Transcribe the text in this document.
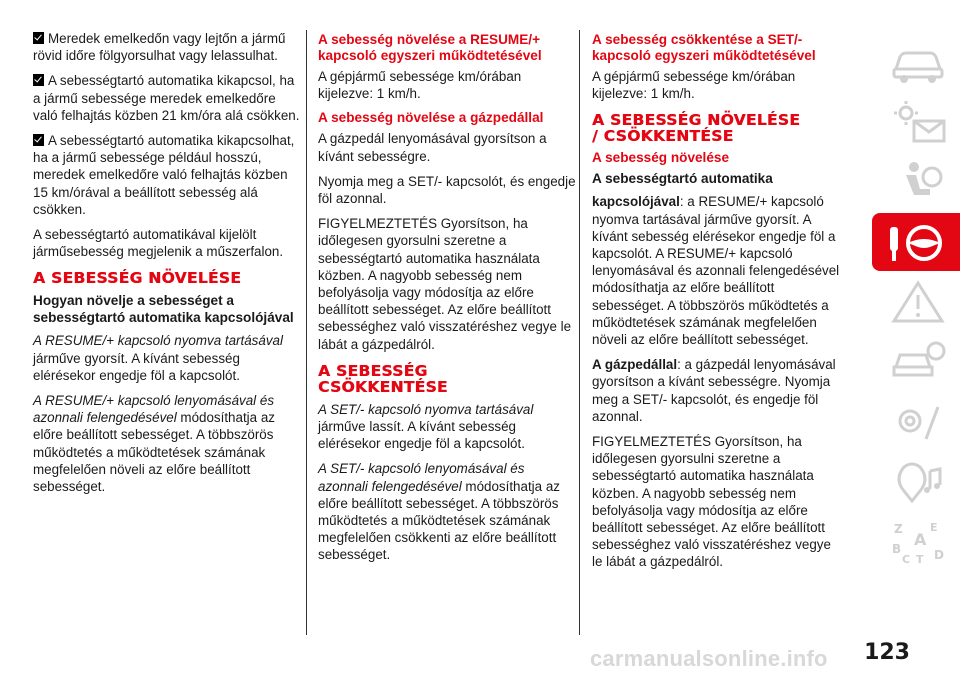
Meredek emelkedőn vagy lejtőn a jármű rövid időre fölgyorsulhat vagy lelassulhat.

A sebességtartó automatika kikapcsol, ha a jármű sebessége meredek emelkedőre való felhajtás közben 21 km/óra alá csökken.

A sebességtartó automatika kikapcsolhat, ha a jármű sebessége például hosszú, meredek emelkedőre való felhajtás közben 15 km/órával a beállított sebesség alá csökken.

A sebességtartó automatikával kijelölt járműsebesség megjelenik a műszerfalon.

A SEBESSÉG NÖVELÉSE
Hogyan növelje a sebességet a sebességtartó automatika kapcsolójával

A RESUME/+ kapcsoló nyomva tartásával járműve gyorsít. A kívánt sebesség elérésekor engedje föl a kapcsolót.

A RESUME/+ kapcsoló lenyomásával és azonnali felengedésével módosíthatja az előre beállított sebességet. A többszörös működtetés a működtetések számának megfelelően növeli az előre beállított sebességet.

A sebesség növelése a RESUME/+ kapcsoló egyszeri működtetésével

A gépjármű sebessége km/órában kijelezve: 1 km/h.

A sebesség növelése a gázpedállal

A gázpedál lenyomásával gyorsítson a kívánt sebességre.

Nyomja meg a SET/- kapcsolót, és engedje föl azonnal.

FIGYELMEZTETÉS Gyorsítson, ha időlegesen gyorsulni szeretne a sebességtartó automatika használata közben. A nagyobb sebesség nem befolyásolja vagy módosítja az előre beállított sebességet. Az előre beállított sebességhez való visszatéréshez vegye le lábát a gázpedálról.

A SEBESSÉG
CSÖKKENTÉSE

A SET/- kapcsoló nyomva tartásával járműve lassít. A kívánt sebesség elérésekor engedje föl a kapcsolót.

A SET/- kapcsoló lenyomásával és azonnali felengedésével módosíthatja az előre beállított sebességet. A többszörös működtetés a működtetések számának megfelelően csökkenti az előre beállított sebességet.

A sebesség csökkentése a SET/- kapcsoló egyszeri működtetésével

A gépjármű sebessége km/órában kijelezve: 1 km/h.

A SEBESSÉG NÖVELÉSE
/ CSÖKKENTÉSE
A sebesség növelése
A sebességtartó automatika

kapcsolójával: a RESUME/+ kapcsoló nyomva tartásával járműve gyorsít. A kívánt sebesség elérésekor engedje föl a kapcsolót. A RESUME/+ kapcsoló lenyomásával és azonnali felengedésével módosíthatja az előre beállított sebességet. A többszörös működtetés a működtetések számának megfelelően növeli az előre beállított sebességet.

A gázpedállal: a gázpedál lenyomásával gyorsítson a kívánt sebességre. Nyomja meg a SET/- kapcsolót, és engedje föl azonnal.

FIGYELMEZTETÉS Gyorsítson, ha időlegesen gyorsulni szeretne a sebességtartó automatika használata közben. A nagyobb sebesség nem befolyásolja vagy módosítja az előre beállított sebességet. Az előre beállított sebességhez való visszatéréshez vegye le lábát a gázpedálról.

Z E
A
B
C T D
carmanualsonline.info 123
